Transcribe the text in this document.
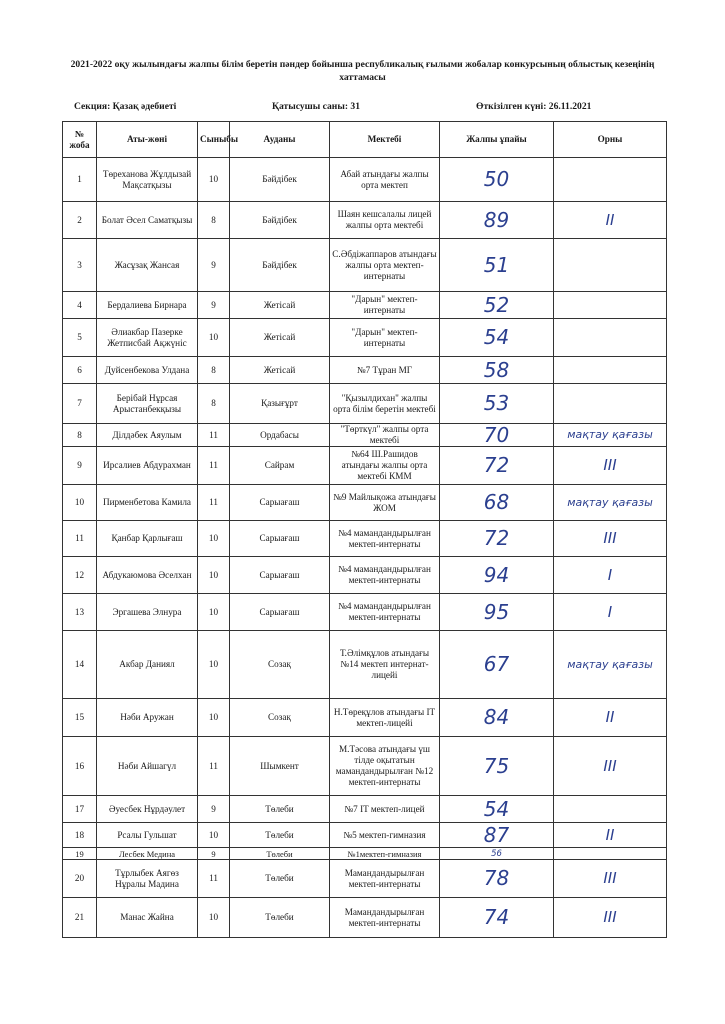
2021-2022 оқу жылындағы жалпы білім беретін пәндер бойынша республикалық ғылыми жобалар конкурсының облыстық кезеңінің хаттамасы
Секция: Қазақ әдебиеті	Қатысушы саны: 31	Өткізілген күні: 26.11.2021
№ жоба	Аты-жөні	Сыныбы	Ауданы	Мектебі	Жалпы ұпайы	Орны
1	Төреханова Жұлдызай Мақсатқызы	10	Бәйдібек	Абай атындағы жалпы орта мектеп	50	
2	Болат Әсел Саматқызы	8	Бәйдібек	Шаян кешсалалы лицей жалпы орта мектебі	89	II
3	Жасұзақ Жансая	9	Бәйдібек	С.Әбдіжаппаров атындағы жалпы орта мектеп-интернаты	51	
4	Бердалиева Бирнара	9	Жетісай	"Дарын" мектеп-интернаты	52	
5	Әлиакбар Пазерке Жетписбай Ақжүніс	10	Жетісай	"Дарын" мектеп-интернаты	54	
6	Дуйсенбекова Улдана	8	Жетісай	№7 Тұран МГ	58	
7	Берібай Нұрсая Арыстанбекқызы	8	Қазығұрт	"Қызылдихан" жалпы орта білім беретін мектебі	53	
8	Ділдәбек Аяулым	11	Ордабасы	"Төрткүл" жалпы орта мектебі	70	мақтау қағазы
9	Ирсалиев Абдурахман	11	Сайрам	№64 Ш.Рашидов атындағы жалпы орта мектебі КММ	72	III
10	Пирменбетова Камила	11	Сарыағаш	№9 Майлықожа атындағы ЖОМ	68	мақтау қағазы
11	Қанбар Қарлығаш	10	Сарыағаш	№4 мамандандырылған мектеп-интернаты	72	III
12	Абдукаюмова Әселхан	10	Сарыағаш	№4 мамандандырылған мектеп-интернаты	94	I
13	Эргашева Элнура	10	Сарыағаш	№4 мамандандырылған мектеп-интернаты	95	I
14	Акбар Даниял	10	Созақ	Т.Әлімқұлов атындағы №14 мектеп интернат-лицейі	67	мақтау қағазы
15	Нәби Аружан	10	Созақ	Н.Төреқұлов атындағы IT мектеп-лицейі	84	II
16	Нәби Айшагүл	11	Шымкент	М.Тәсова атындағы үш тілде оқытатын мамандандырылған №12 мектеп-интернаты	75	III
17	Әуесбек Нұрдәулет	9	Төлеби	№7 IT мектеп-лицей	54	
18	Рсалы Гульшат	10	Төлеби	№5 мектеп-гимназия	87	II
19	Лесбек Медина	9	Төлеби	№1мектеп-гимназия	56	
20	Тұрлыбек Аягөз Нұралы Мадина	11	Төлеби	Мамандандырылған мектеп-интернаты	78	III
21	Манас Жайна	10	Төлеби	Мамандандырылған мектеп-интернаты	74	III
